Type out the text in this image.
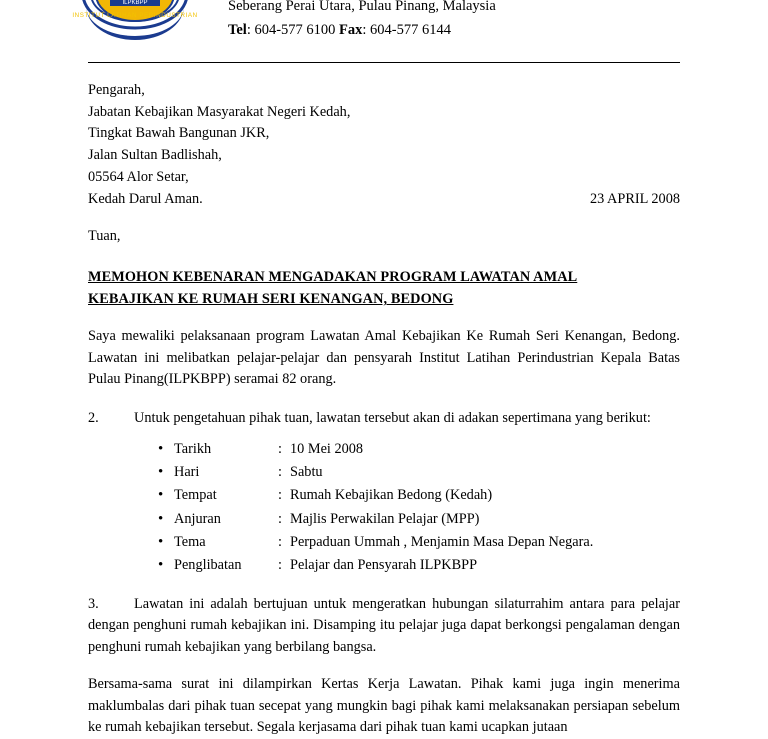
ILPKBPP
INSTITUT LATIHAN PERINDUSTRIAN
Seberang Perai Utara, Pulau Pinang, Malaysia
Tel: 604-577 6100 Fax: 604-577 6144
Pengarah,
Jabatan Kebajikan Masyarakat Negeri Kedah,
Tingkat Bawah Bangunan JKR,
Jalan Sultan Badlishah,
05564 Alor Setar,
Kedah Darul Aman.	23 APRIL 2008
Tuan,
MEMOHON KEBENARAN MENGADAKAN PROGRAM LAWATAN AMAL
KEBAJIKAN KE RUMAH SERI KENANGAN, BEDONG
Saya mewaliki pelaksanaan program Lawatan Amal Kebajikan Ke Rumah Seri Kenangan, Bedong. Lawatan ini melibatkan pelajar-pelajar dan pensyarah Institut Latihan Perindustrian Kepala Batas Pulau Pinang(ILPKBPP) seramai 82 orang.
2. Untuk pengetahuan pihak tuan, lawatan tersebut akan di adakan sepertimana yang berikut:
• Tarikh	: 10 Mei 2008
• Hari	: Sabtu
• Tempat	: Rumah Kebajikan Bedong (Kedah)
• Anjuran	: Majlis Perwakilan Pelajar (MPP)
• Tema	: Perpaduan Ummah , Menjamin Masa Depan Negara.
• Penglibatan	: Pelajar dan Pensyarah ILPKBPP
3. Lawatan ini adalah bertujuan untuk mengeratkan hubungan silaturrahim antara para pelajar dengan penghuni rumah kebajikan ini. Disamping itu pelajar juga dapat berkongsi pengalaman dengan penghuni rumah kebajikan yang berbilang bangsa.
Bersama-sama surat ini dilampirkan Kertas Kerja Lawatan. Pihak kami juga ingin menerima maklumbalas dari pihak tuan secepat yang mungkin bagi pihak kami melaksanakan persiapan sebelum ke rumah kebajikan tersebut. Segala kerjasama dari pihak tuan kami ucapkan jutaan
